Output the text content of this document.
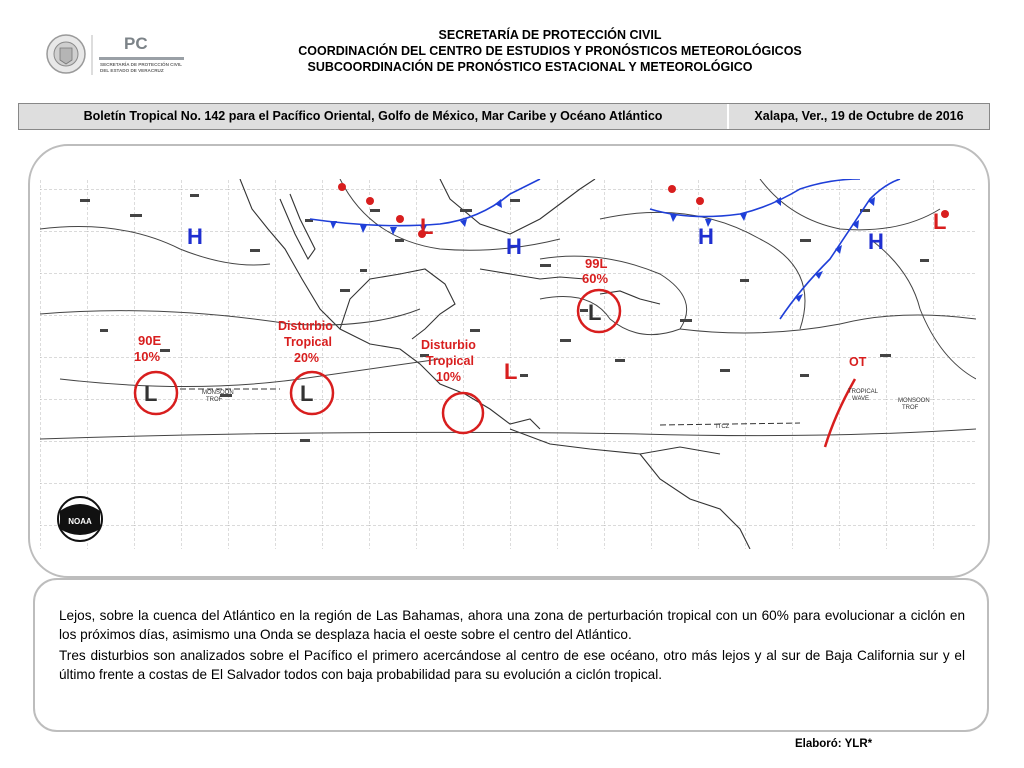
PC
SECRETARÍA DE PROTECCIÓN CIVIL
DEL ESTADO DE VERACRUZ
SECRETARÍA DE PROTECCIÓN CIVIL
COORDINACIÓN DEL CENTRO DE ESTUDIOS Y PRONÓSTICOS METEOROLÓGICOS
SUBCOORDINACIÓN DE PRONÓSTICO ESTACIONAL Y METEOROLÓGICO
Boletín Tropical No. 142 para el Pacífico Oriental, Golfo de México, Mar Caribe y Océano Atlántico	Xalapa, Ver., 19 de Octubre de 2016
H	H	H	H
L	L
L
L
99L
60%
L
90E
10%
L
Disturbio
Tropical
20%
Disturbio
Tropical
10%
OT
TROPICAL
WAVE
MONSOON
TROF	MONSOON
TROF
ITCZ
NOAA
Lejos, sobre la cuenca del Atlántico en la región de Las Bahamas, ahora una zona de perturbación tropical con un 60% para evolucionar a ciclón en los próximos días, asimismo una Onda se desplaza hacia el oeste sobre el centro del Atlántico.
Tres disturbios son analizados sobre el Pacífico el primero acercándose al centro de ese océano, otro más lejos y al sur de Baja California sur y el último frente a costas de El Salvador todos con baja probabilidad para su evolución a ciclón tropical.
Elaboró: YLR*
